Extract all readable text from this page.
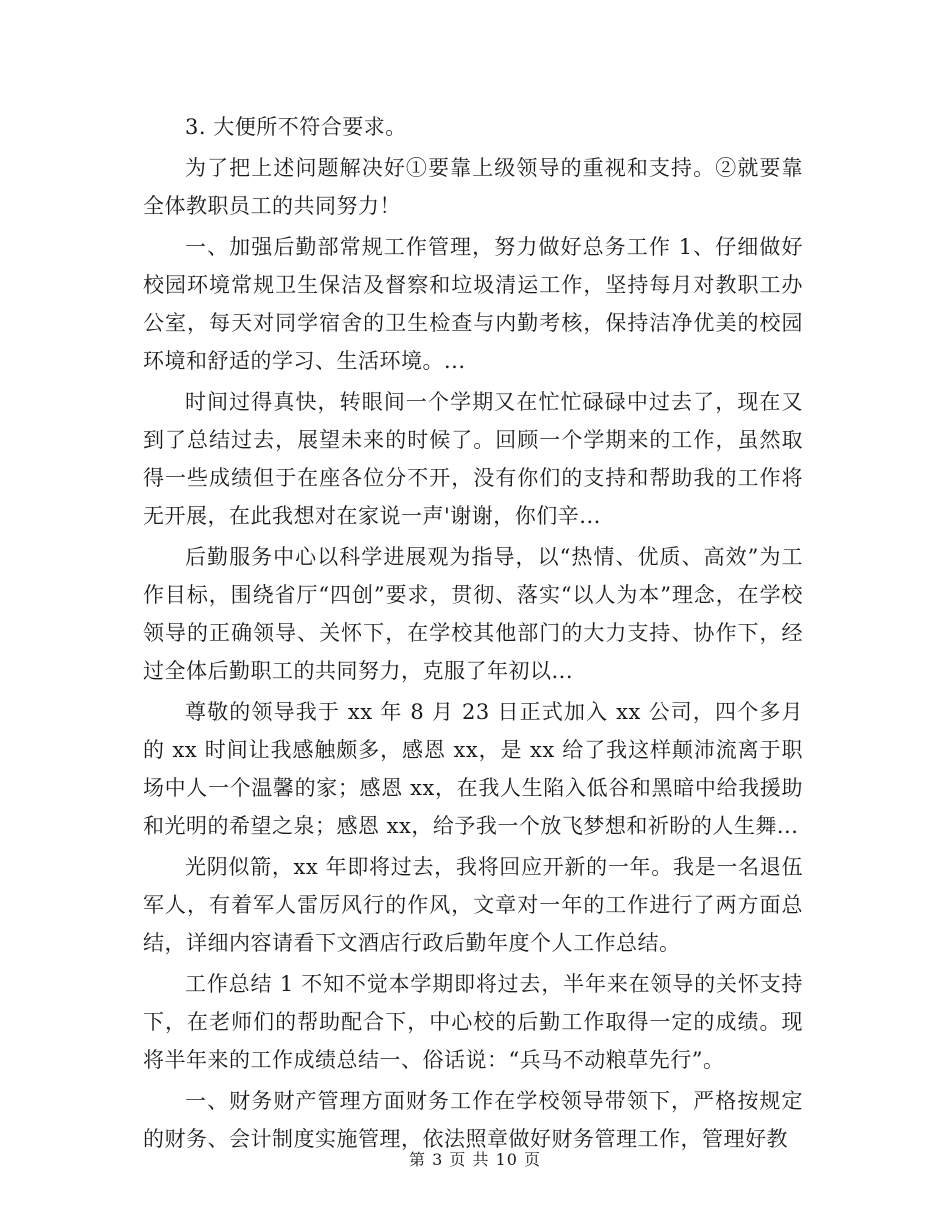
3. 大便所不符合要求。

为了把上述问题解决好①要靠上级领导的重视和支持。②就要靠全体教职员工的共同努力！

一、加强后勤部常规工作管理，努力做好总务工作 1、仔细做好校园环境常规卫生保洁及督察和垃圾清运工作，坚持每月对教职工办公室，每天对同学宿舍的卫生检查与内勤考核，保持洁净优美的校园环境和舒适的学习、生活环境。...

时间过得真快，转眼间一个学期又在忙忙碌碌中过去了，现在又到了总结过去，展望未来的时候了。回顾一个学期来的工作，虽然取得一些成绩但于在座各位分不开，没有你们的支持和帮助我的工作将无开展，在此我想对在家说一声'谢谢，你们辛...

后勤服务中心以科学进展观为指导，以“热情、优质、高效”为工作目标，围绕省厅“四创”要求，贯彻、落实“以人为本”理念，在学校领导的正确领导、关怀下，在学校其他部门的大力支持、协作下，经过全体后勤职工的共同努力，克服了年初以...

尊敬的领导我于 xx 年 8 月 23 日正式加入 xx 公司，四个多月的 xx 时间让我感触颇多，感恩 xx，是 xx 给了我这样颠沛流离于职场中人一个温馨的家；感恩 xx，在我人生陷入低谷和黑暗中给我援助和光明的希望之泉；感恩 xx，给予我一个放飞梦想和祈盼的人生舞...

光阴似箭，xx 年即将过去，我将回应开新的一年。我是一名退伍军人，有着军人雷厉风行的作风，文章对一年的工作进行了两方面总结，详细内容请看下文酒店行政后勤年度个人工作总结。

工作总结 1 不知不觉本学期即将过去，半年来在领导的关怀支持下，在老师们的帮助配合下，中心校的后勤工作取得一定的成绩。现将半年来的工作成绩总结一、俗话说：“兵马不动粮草先行”。

一、财务财产管理方面财务工作在学校领导带领下，严格按规定的财务、会计制度实施管理，依法照章做好财务管理工作，管理好教

第 3 页 共 10 页
